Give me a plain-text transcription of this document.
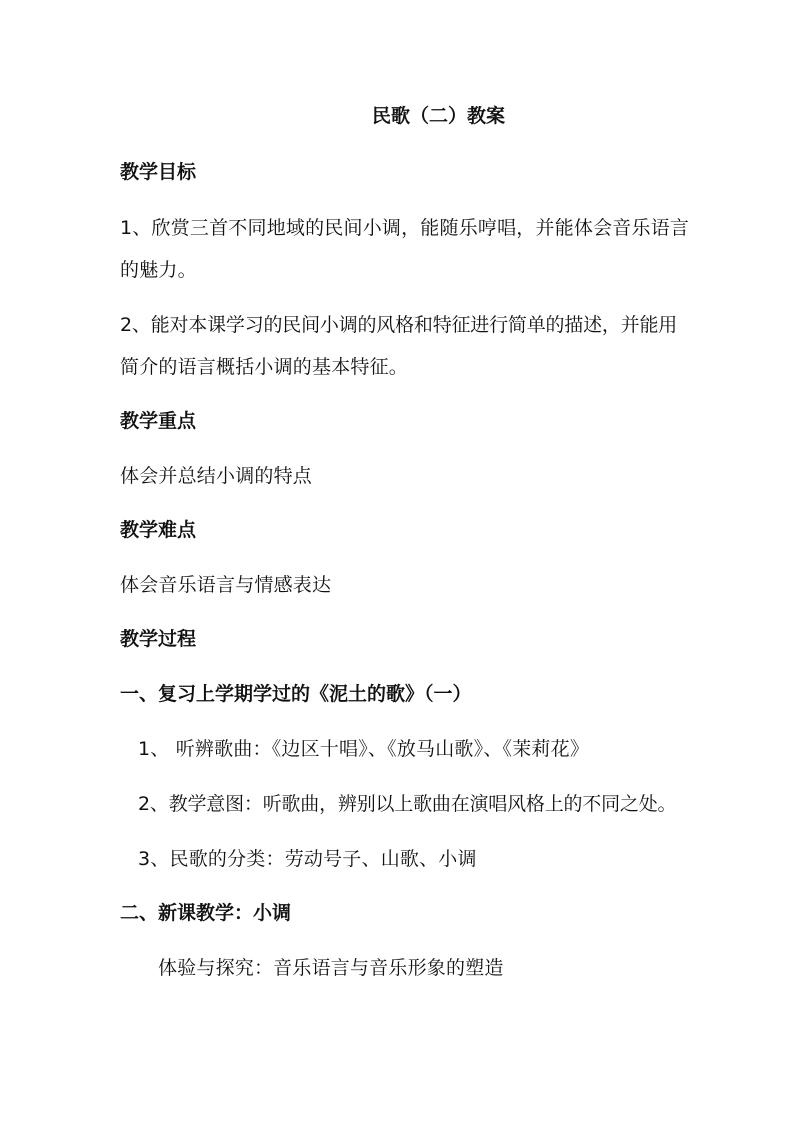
民歌（二）教案
教学目标
1、欣赏三首不同地域的民间小调，能随乐哼唱，并能体会音乐语言
的魅力。
2、能对本课学习的民间小调的风格和特征进行简单的描述，并能用
简介的语言概括小调的基本特征。
教学重点
体会并总结小调的特点
教学难点
体会音乐语言与情感表达
教学过程
一、复习上学期学过的《泥土的歌》（一）
1、 听辨歌曲：《边区十唱》、《放马山歌》、《茉莉花》
2、教学意图：听歌曲，辨别以上歌曲在演唱风格上的不同之处。
3、民歌的分类：劳动号子、山歌、小调
二、新课教学：小调
体验与探究：音乐语言与音乐形象的塑造
